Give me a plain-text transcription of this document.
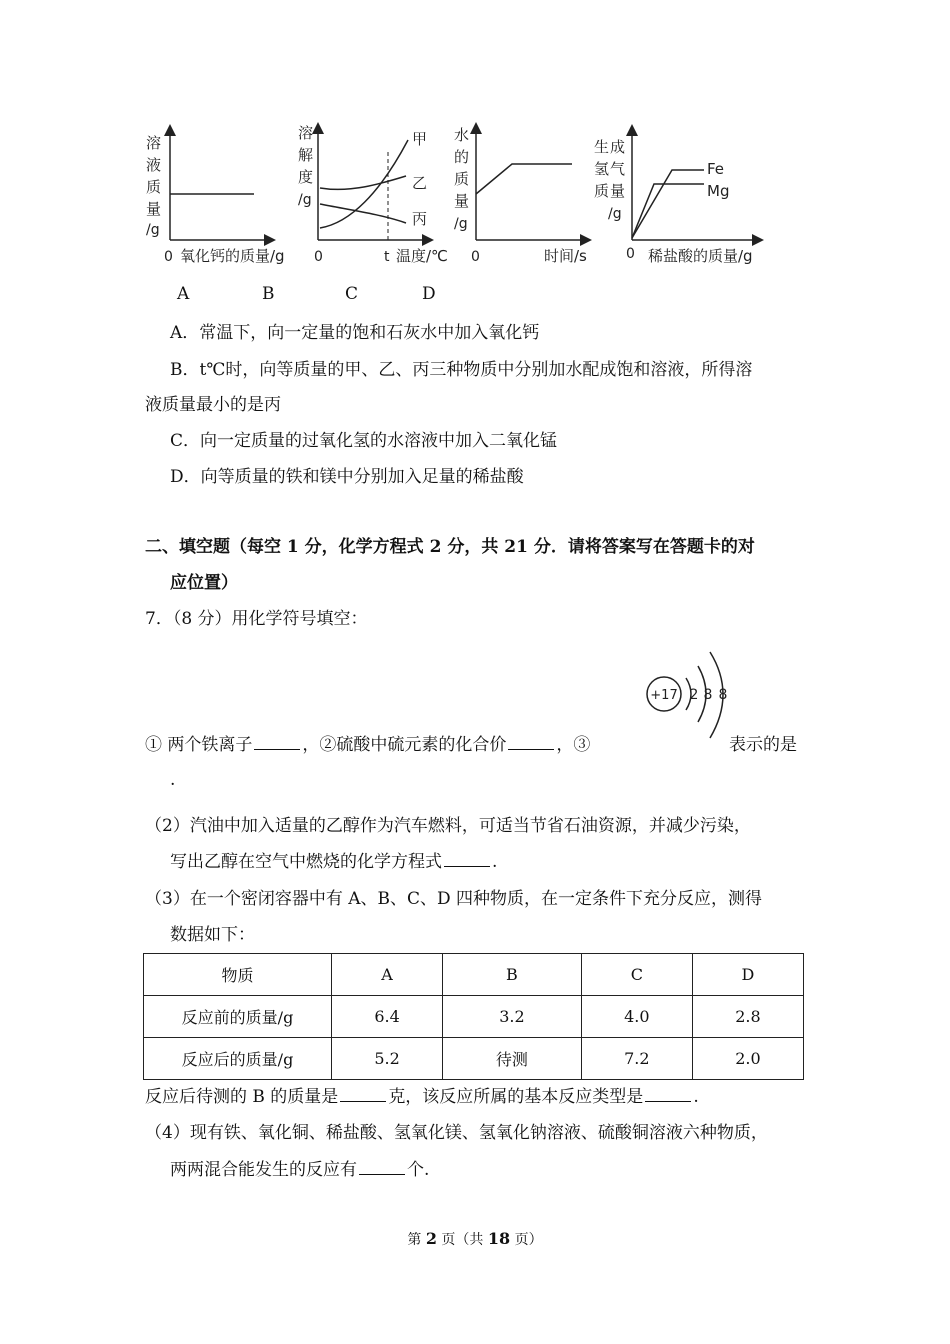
溶
液
质
量
/g
0 氧化钙的质量/g
溶
解
度
/g
甲
乙
丙
0	t 温度/℃
水
的
质
量
/g
0	时间/s
生 成
氢 气
质 量
/g
Fe
Mg
0 稀盐酸的质量/g
A	B	C	D
A．常温下，向一定量的饱和石灰水中加入氧化钙
B．t℃时，向等质量的甲、乙、丙三种物质中分别加水配成饱和溶液，所得溶
液质量最小的是丙
C．向一定质量的过氧化氢的水溶液中加入二氧化锰
D．向等质量的铁和镁中分别加入足量的稀盐酸
二、填空题（每空 1 分，化学方程式 2 分，共 21 分．请将答案写在答题卡的对
应位置）
7．（8 分）用化学符号填空：
+17 2 8 8
① 两个铁离子	，②硫酸中硫元素的化合价	，③	表示的是
.
（2）汽油中加入适量的乙醇作为汽车燃料，可适当节省石油资源，并减少污染，
写出乙醇在空气中燃烧的化学方程式	.
（3）在一个密闭容器中有 A、B、C、D 四种物质，在一定条件下充分反应，测得
数据如下：
物质	A	B	C	D
反应前的质量/g	6.4	3.2	4.0	2.8
反应后的质量/g	5.2	待测	7.2	2.0
反应后待测的 B 的质量是	克，该反应所属的基本反应类型是	.
（4）现有铁、氧化铜、稀盐酸、氢氧化镁、氢氧化钠溶液、硫酸铜溶液六种物质，
两两混合能发生的反应有	个.
第 2 页（共 18 页）
